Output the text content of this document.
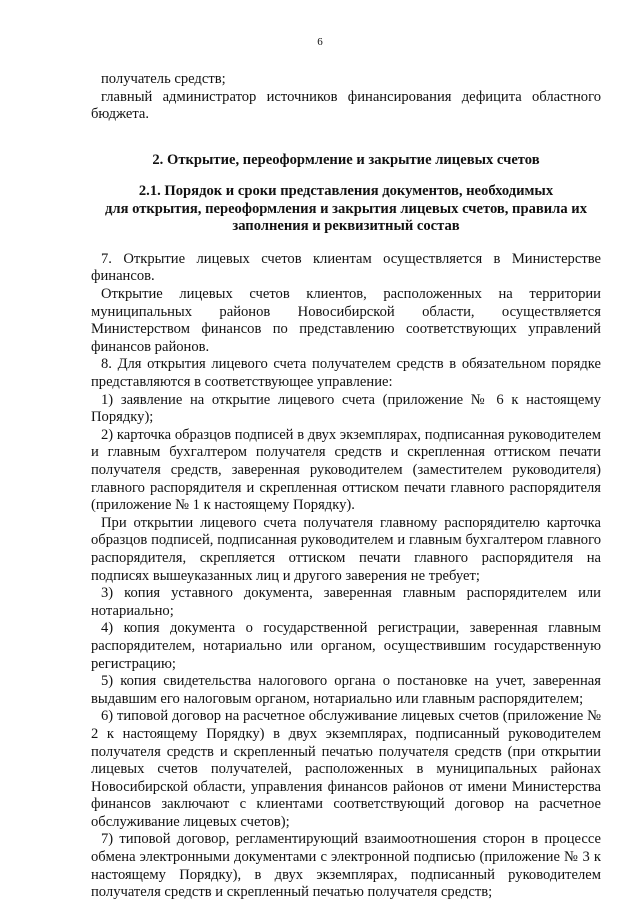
6

получатель средств;

главный администратор источников финансирования дефицита областного бюджета.

2. Открытие, переоформление и закрытие лицевых счетов
2.1. Порядок и сроки представления документов, необходимых
для открытия, переоформления и закрытия лицевых счетов, правила их
заполнения и реквизитный состав

7. Открытие лицевых счетов клиентам осуществляется в Министерстве финансов.

Открытие лицевых счетов клиентов, расположенных на территории муниципальных районов Новосибирской области, осуществляется Министерством финансов по представлению соответствующих управлений финансов районов.

8. Для открытия лицевого счета получателем средств в обязательном порядке представляются в соответствующее управление:

1) заявление на открытие лицевого счета (приложение № 6 к настоящему Порядку);

2) карточка образцов подписей в двух экземплярах, подписанная руководителем и главным бухгалтером получателя средств и скрепленная оттиском печати получателя средств, заверенная руководителем (заместителем руководителя) главного распорядителя и скрепленная оттиском печати главного распорядителя (приложение № 1 к настоящему Порядку).

При открытии лицевого счета получателя главному распорядителю карточка образцов подписей, подписанная руководителем и главным бухгалтером главного распорядителя, скрепляется оттиском печати главного распорядителя на подписях вышеуказанных лиц и другого заверения не требует;

3) копия уставного документа, заверенная главным распорядителем или нотариально;

4) копия документа о государственной регистрации, заверенная главным распорядителем, нотариально или органом, осуществившим государственную регистрацию;

5) копия свидетельства налогового органа о постановке на учет, заверенная выдавшим его налоговым органом, нотариально или главным распорядителем;

6) типовой договор на расчетное обслуживание лицевых счетов (приложение № 2 к настоящему Порядку) в двух экземплярах, подписанный руководителем получателя средств и скрепленный печатью получателя средств (при открытии лицевых счетов получателей, расположенных в муниципальных районах Новосибирской области, управления финансов районов от имени Министерства финансов заключают с клиентами соответствующий договор на расчетное обслуживание лицевых счетов);

7) типовой договор, регламентирующий взаимоотношения сторон в процессе обмена электронными документами с электронной подписью (приложение № 3 к настоящему Порядку), в двух экземплярах, подписанный руководителем получателя средств и скрепленный печатью получателя средств;
